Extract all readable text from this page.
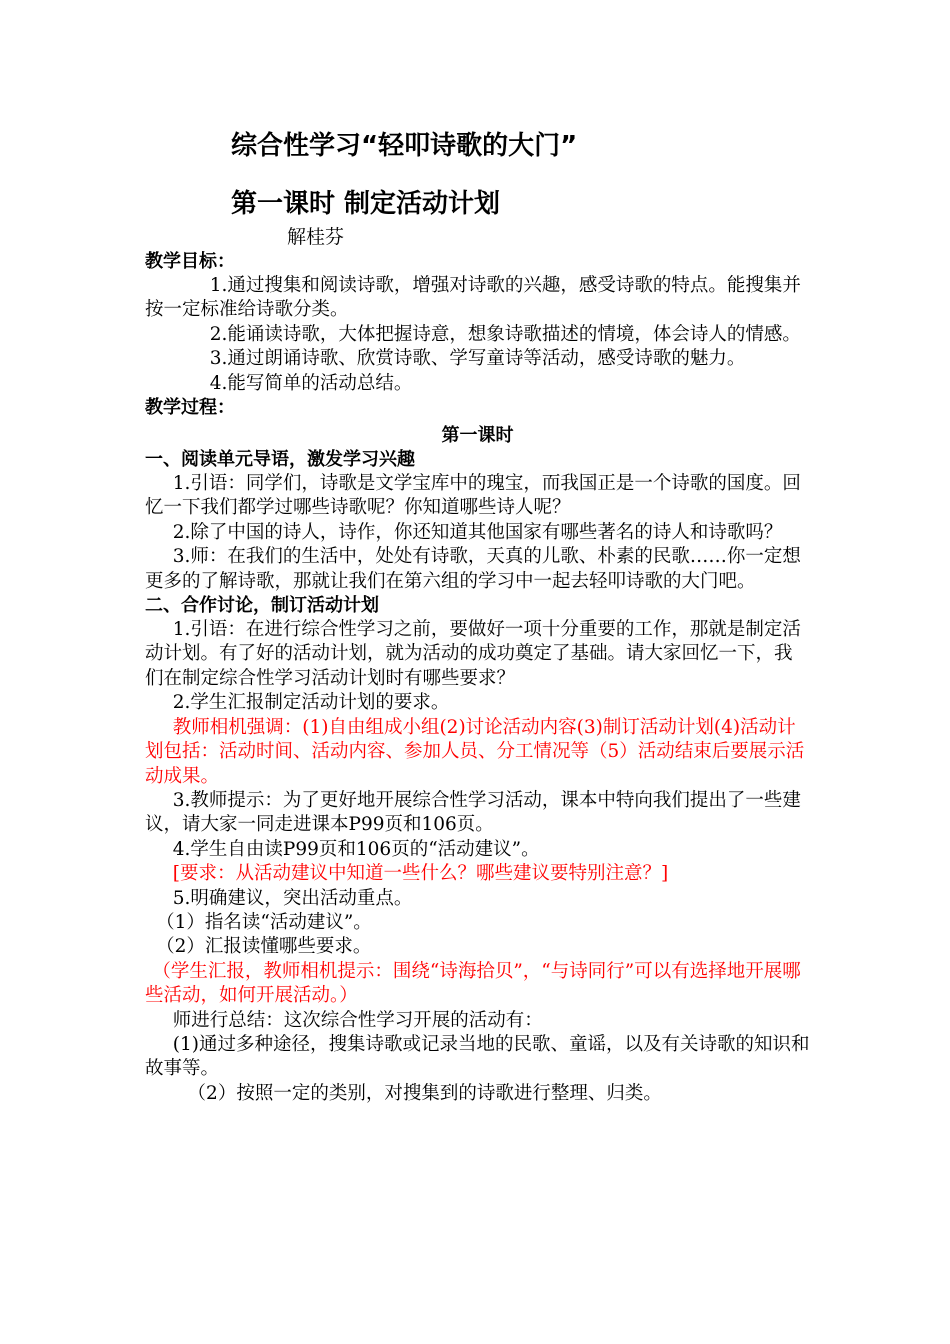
综合性学习“轻叩诗歌的大门”
第一课时 制定活动计划
解桂芬
教学目标：

1.通过搜集和阅读诗歌，增强对诗歌的兴趣，感受诗歌的特点。能搜集并按一定标准给诗歌分类。

2.能诵读诗歌，大体把握诗意，想象诗歌描述的情境，体会诗人的情感。

3.通过朗诵诗歌、欣赏诗歌、学写童诗等活动，感受诗歌的魅力。

4.能写简单的活动总结。

教学过程：
第一课时
一、阅读单元导语，激发学习兴趣

1.引语：同学们，诗歌是文学宝库中的瑰宝，而我国正是一个诗歌的国度。回忆一下我们都学过哪些诗歌呢？你知道哪些诗人呢？

2.除了中国的诗人，诗作，你还知道其他国家有哪些著名的诗人和诗歌吗？

3.师：在我们的生活中，处处有诗歌，天真的儿歌、朴素的民歌……你一定想更多的了解诗歌，那就让我们在第六组的学习中一起去轻叩诗歌的大门吧。

二、合作讨论，制订活动计划

1.引语：在进行综合性学习之前，要做好一项十分重要的工作，那就是制定活动计划。有了好的活动计划，就为活动的成功奠定了基础。请大家回忆一下，我们在制定综合性学习活动计划时有哪些要求？

2.学生汇报制定活动计划的要求。

教师相机强调：(1)自由组成小组(2)讨论活动内容(3)制订活动计划(4)活动计划包括：活动时间、活动内容、参加人员、分工情况等（5）活动结束后要展示活动成果。

3.教师提示：为了更好地开展综合性学习活动，课本中特向我们提出了一些建议，请大家一同走进课本P99页和106页。

4.学生自由读P99页和106页的“活动建议”。

[要求：从活动建议中知道一些什么？哪些建议要特别注意？]

5.明确建议，突出活动重点。

（1）指名读“活动建议”。

（2）汇报读懂哪些要求。

（学生汇报，教师相机提示：围绕“诗海拾贝”，“与诗同行”可以有选择地开展哪些活动，如何开展活动。）

师进行总结：这次综合性学习开展的活动有：

(1)通过多种途径，搜集诗歌或记录当地的民歌、童谣，以及有关诗歌的知识和故事等。

（2）按照一定的类别，对搜集到的诗歌进行整理、归类。
